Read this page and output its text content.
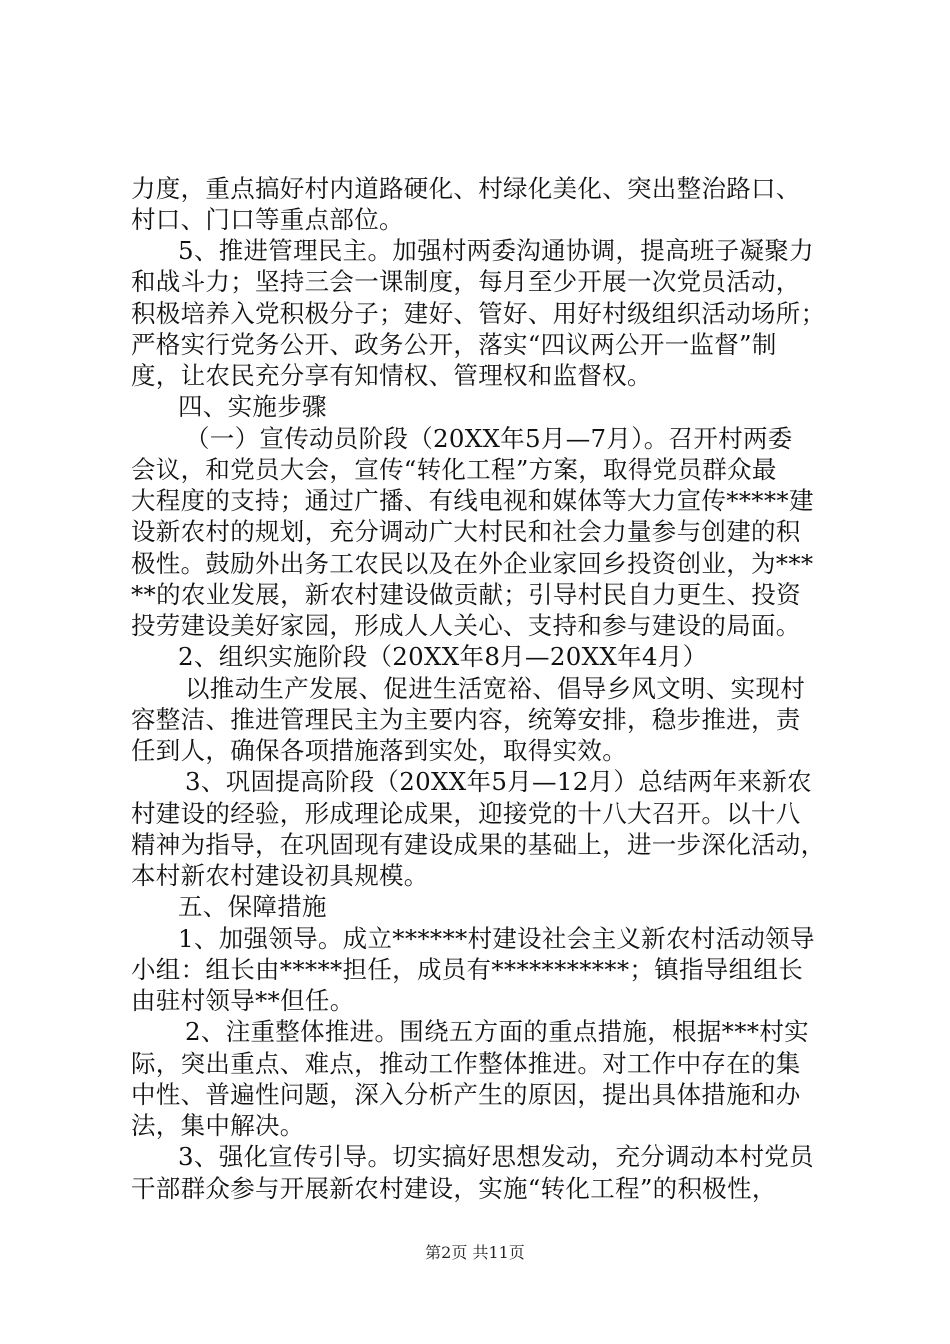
力度，重点搞好村内道路硬化、村绿化美化、突出整治路口、
村口、门口等重点部位。
5、推进管理民主。加强村两委沟通协调，提高班子凝聚力
和战斗力；坚持三会一课制度，每月至少开展一次党员活动，
积极培养入党积极分子；建好、管好、用好村级组织活动场所；
严格实行党务公开、政务公开，落实“四议两公开一监督”制
度，让农民充分享有知情权、管理权和监督权。
四、实施步骤
（一）宣传动员阶段（20XX年5月—7月）。召开村两委
会议，和党员大会，宣传“转化工程”方案，取得党员群众最
大程度的支持；通过广播、有线电视和媒体等大力宣传*****建
设新农村的规划，充分调动广大村民和社会力量参与创建的积
极性。鼓励外出务工农民以及在外企业家回乡投资创业，为***
**的农业发展，新农村建设做贡献；引导村民自力更生、投资
投劳建设美好家园，形成人人关心、支持和参与建设的局面。
2、组织实施阶段（20XX年8月—20XX年4月）
以推动生产发展、促进生活宽裕、倡导乡风文明、实现村
容整洁、推进管理民主为主要内容，统筹安排，稳步推进，责
任到人，确保各项措施落到实处，取得实效。
3、巩固提高阶段（20XX年5月—12月）总结两年来新农
村建设的经验，形成理论成果，迎接党的十八大召开。以十八
精神为指导，在巩固现有建设成果的基础上，进一步深化活动，
本村新农村建设初具规模。
五、保障措施
1、加强领导。成立******村建设社会主义新农村活动领导
小组：组长由*****担任，成员有***********；镇指导组组长
由驻村领导**但任。
2、注重整体推进。围绕五方面的重点措施，根据***村实
际，突出重点、难点，推动工作整体推进。对工作中存在的集
中性、普遍性问题，深入分析产生的原因，提出具体措施和办
法，集中解决。
3、强化宣传引导。切实搞好思想发动，充分调动本村党员
干部群众参与开展新农村建设，实施“转化工程”的积极性，
第2页 共11页
